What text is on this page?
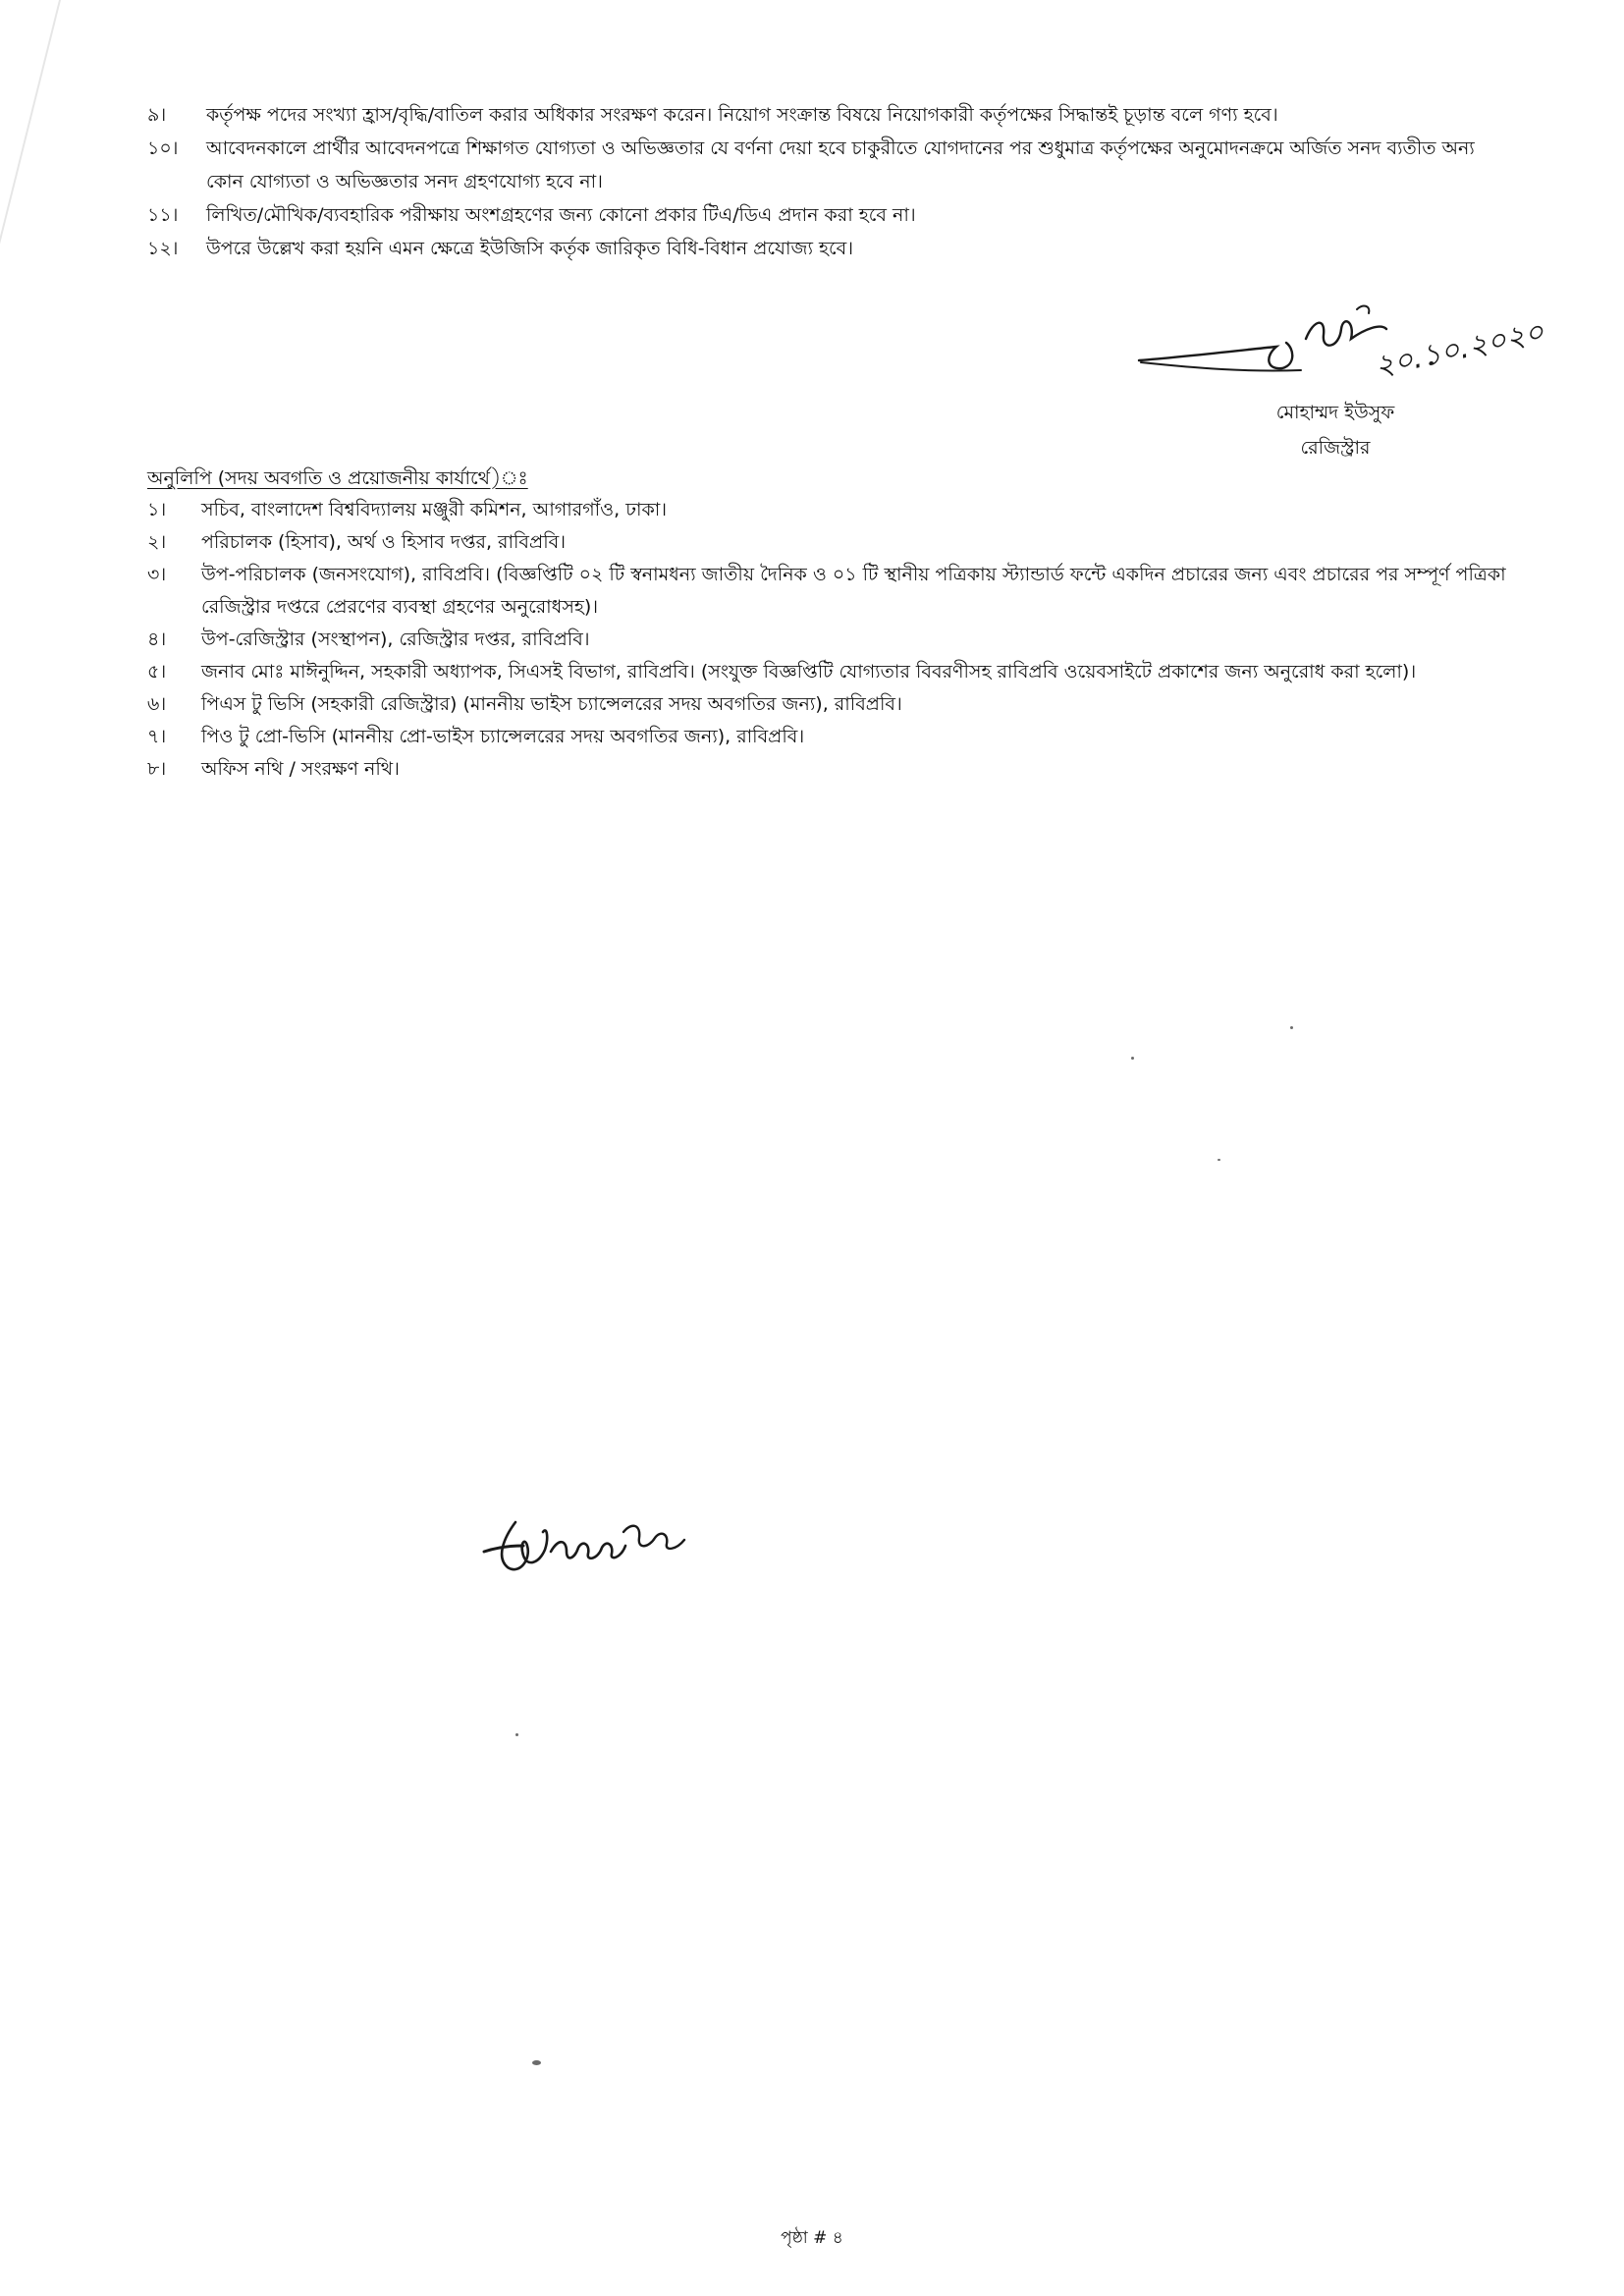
৯।	কর্তৃপক্ষ পদের সংখ্যা হ্রাস/বৃদ্ধি/বাতিল করার অধিকার সংরক্ষণ করেন। নিয়োগ সংক্রান্ত বিষয়ে নিয়োগকারী কর্তৃপক্ষের সিদ্ধান্তই চূড়ান্ত বলে গণ্য হবে।
১০।	আবেদনকালে প্রার্থীর আবেদনপত্রে শিক্ষাগত যোগ্যতা ও অভিজ্ঞতার যে বর্ণনা দেয়া হবে চাকুরীতে যোগদানের পর শুধুমাত্র কর্তৃপক্ষের অনুমোদনক্রমে অর্জিত সনদ ব্যতীত অন্য কোন যোগ্যতা ও অভিজ্ঞতার সনদ গ্রহণযোগ্য হবে না।
১১।	লিখিত/মৌখিক/ব্যবহারিক পরীক্ষায় অংশগ্রহণের জন্য কোনো প্রকার টিএ/ডিএ প্রদান করা হবে না।
১২।	উপরে উল্লেখ করা হয়নি এমন ক্ষেত্রে ইউজিসি কর্তৃক জারিকৃত বিধি-বিধান প্রযোজ্য হবে।
২০.১০.২০২০
মোহাম্মদ ইউসুফ
রেজিস্ট্রার
অনুলিপি (সদয় অবগতি ও প্রয়োজনীয় কার্যার্থে)ঃ
১।	সচিব, বাংলাদেশ বিশ্ববিদ্যালয় মঞ্জুরী কমিশন, আগারগাঁও, ঢাকা।
২।	পরিচালক (হিসাব), অর্থ ও হিসাব দপ্তর, রাবিপ্রবি।
৩।	উপ-পরিচালক (জনসংযোগ), রাবিপ্রবি। (বিজ্ঞপ্তিটি ০২ টি স্বনামধন্য জাতীয় দৈনিক ও ০১ টি স্থানীয় পত্রিকায় স্ট্যান্ডার্ড ফন্টে একদিন প্রচারের জন্য এবং প্রচারের পর সম্পূর্ণ পত্রিকা রেজিস্ট্রার দপ্তরে প্রেরণের ব্যবস্থা গ্রহণের অনুরোধসহ)।
৪।	উপ-রেজিস্ট্রার (সংস্থাপন), রেজিস্ট্রার দপ্তর, রাবিপ্রবি।
৫।	জনাব মোঃ মাঈনুদ্দিন, সহকারী অধ্যাপক, সিএসই বিভাগ, রাবিপ্রবি। (সংযুক্ত বিজ্ঞপ্তিটি যোগ্যতার বিবরণীসহ রাবিপ্রবি ওয়েবসাইটে প্রকাশের জন্য অনুরোধ করা হলো)।
৬।	পিএস টু ভিসি (সহকারী রেজিস্ট্রার) (মাননীয় ভাইস চ্যান্সেলরের সদয় অবগতির জন্য), রাবিপ্রবি।
৭।	পিও টু প্রো-ভিসি (মাননীয় প্রো-ভাইস চ্যান্সেলরের সদয় অবগতির জন্য), রাবিপ্রবি।
৮।	অফিস নথি / সংরক্ষণ নথি।
পৃষ্ঠা # ৪
